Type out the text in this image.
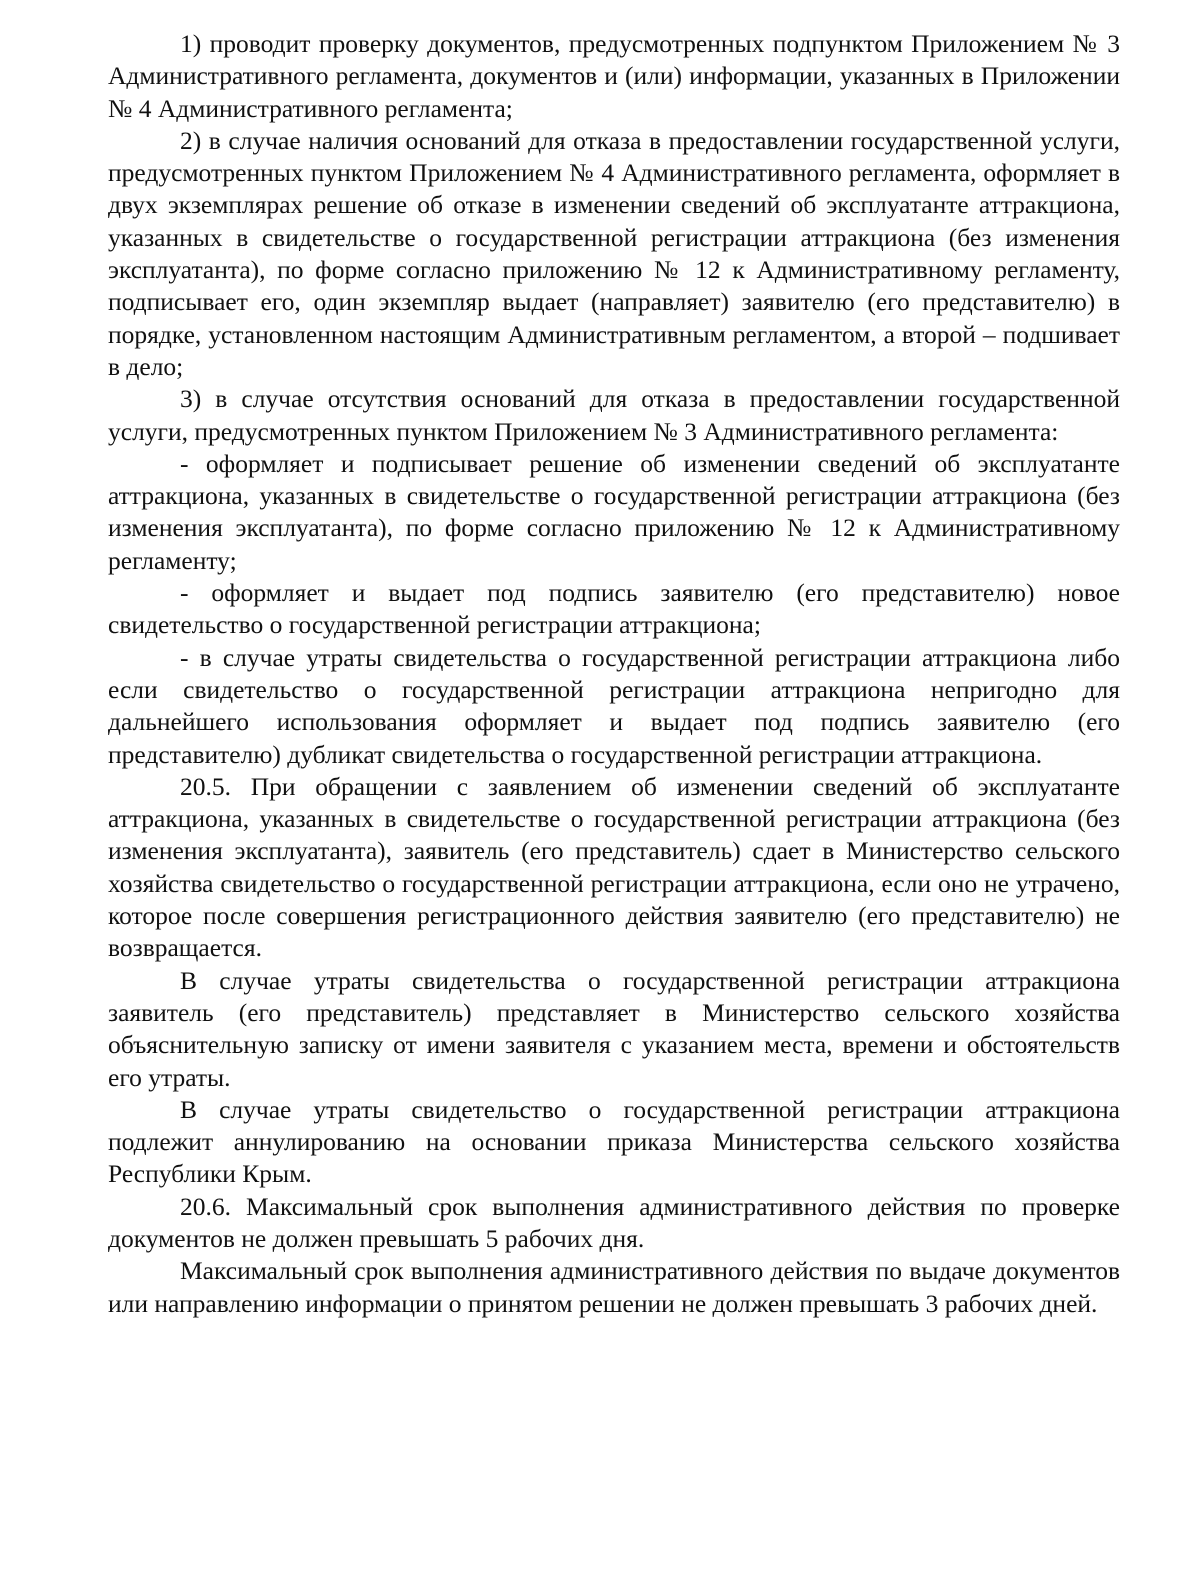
1) проводит проверку документов, предусмотренных подпунктом Приложением № 3 Административного регламента, документов и (или) информации, указанных в Приложении № 4 Административного регламента;

2) в случае наличия оснований для отказа в предоставлении государственной услуги, предусмотренных пунктом Приложением № 4 Административного регламента, оформляет в двух экземплярах решение об отказе в изменении сведений об эксплуатанте аттракциона, указанных в свидетельстве о государственной регистрации аттракциона (без изменения эксплуатанта), по форме согласно приложению № 12 к Административному регламенту, подписывает его, один экземпляр выдает (направляет) заявителю (его представителю) в порядке, установленном настоящим Административным регламентом, а второй – подшивает в дело;

3) в случае отсутствия оснований для отказа в предоставлении государственной услуги, предусмотренных пунктом Приложением № 3 Административного регламента:

- оформляет и подписывает решение об изменении сведений об эксплуатанте аттракциона, указанных в свидетельстве о государственной регистрации аттракциона (без изменения эксплуатанта), по форме согласно приложению № 12 к Административному регламенту;

- оформляет и выдает под подпись заявителю (его представителю) новое свидетельство о государственной регистрации аттракциона;

- в случае утраты свидетельства о государственной регистрации аттракциона либо если свидетельство о государственной регистрации аттракциона непригодно для дальнейшего использования оформляет и выдает под подпись заявителю (его представителю) дубликат свидетельства о государственной регистрации аттракциона.

20.5. При обращении с заявлением об изменении сведений об эксплуатанте аттракциона, указанных в свидетельстве о государственной регистрации аттракциона (без изменения эксплуатанта), заявитель (его представитель) сдает в Министерство сельского хозяйства свидетельство о государственной регистрации аттракциона, если оно не утрачено, которое после совершения регистрационного действия заявителю (его представителю) не возвращается.

В случае утраты свидетельства о государственной регистрации аттракциона заявитель (его представитель) представляет в Министерство сельского хозяйства объяснительную записку от имени заявителя с указанием места, времени и обстоятельств его утраты.

В случае утраты свидетельство о государственной регистрации аттракциона подлежит аннулированию на основании приказа Министерства сельского хозяйства Республики Крым.

20.6. Максимальный срок выполнения административного действия по проверке документов не должен превышать 5 рабочих дня.

Максимальный срок выполнения административного действия по выдаче документов или направлению информации о принятом решении не должен превышать 3 рабочих дней.
